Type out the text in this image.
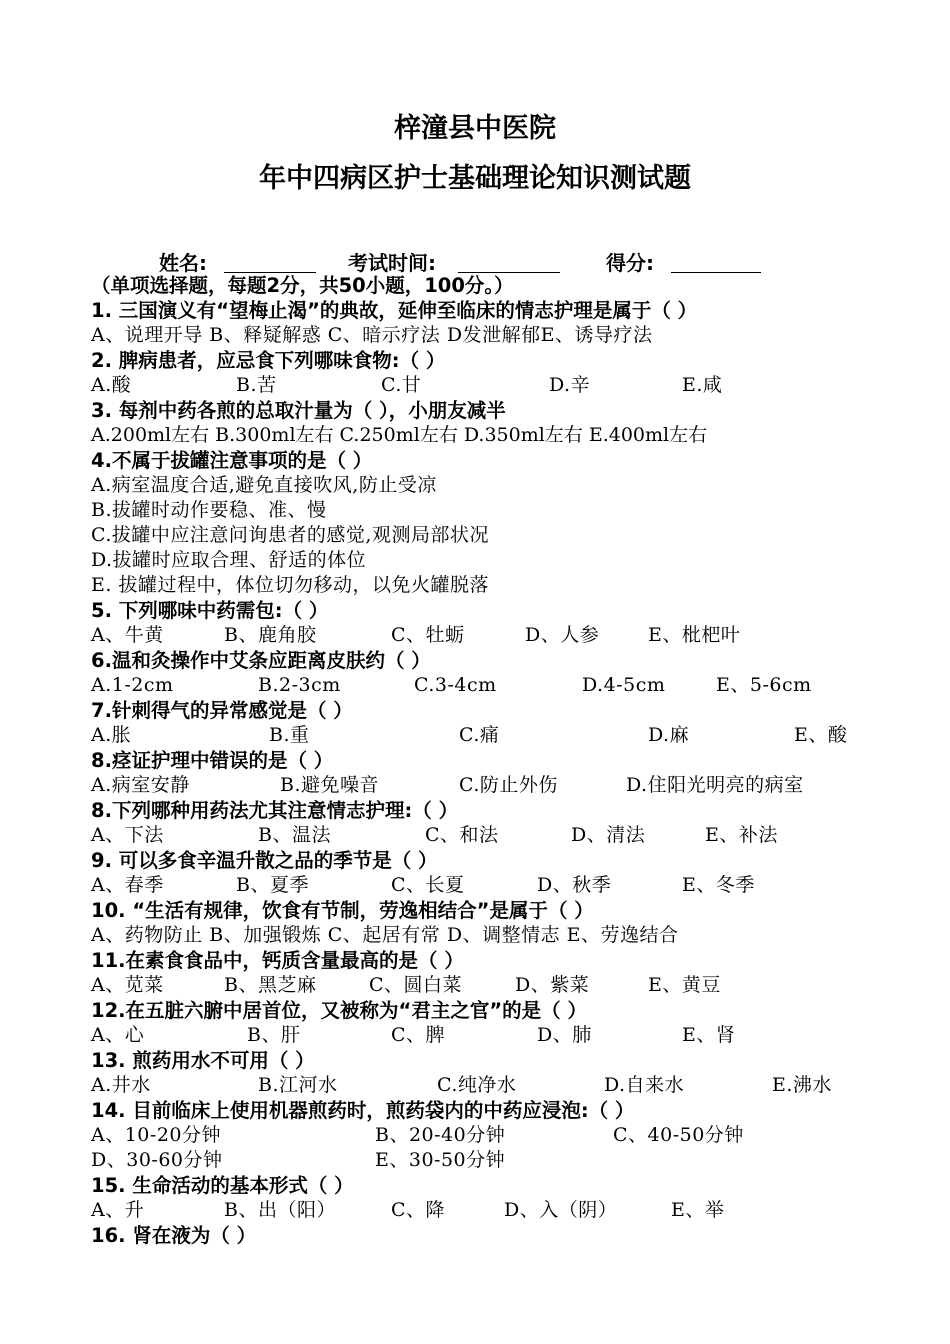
梓潼县中医院
年中四病区护士基础理论知识测试题
姓名:	考试时间:	得分:
（单项选择题，每题2分，共50小题，100分。）
1. 三国演义有“望梅止渴”的典故，延伸至临床的情志护理是属于（ ）
A、说理开导 B、释疑解惑 C、暗示疗法 D发泄解郁E、诱导疗法
2. 脾病患者，应忌食下列哪味食物:（ ）
A.酸	B.苦	C.甘	D.辛	E.咸
3. 每剂中药各煎的总取汁量为（ ），小朋友减半
A.200ml左右 B.300ml左右 C.250ml左右 D.350ml左右 E.400ml左右
4.不属于拔罐注意事项的是（ ）
A.病室温度合适,避免直接吹风,防止受凉
B.拔罐时动作要稳、准、慢
C.拔罐中应注意问询患者的感觉,观测局部状况
D.拔罐时应取合理、舒适的体位
E. 拔罐过程中，体位切勿移动，以免火罐脱落
5. 下列哪味中药需包:（ ）
A、牛黄	B、鹿角胶	C、牡蛎	D、人参	E、枇杷叶
6.温和灸操作中艾条应距离皮肤约（ ）
A.1-2cm	B.2-3cm	C.3-4cm	D.4-5cm	E、5-6cm
7.针刺得气的异常感觉是（ ）
A.胀	B.重	C.痛	D.麻	E、酸
8.痉证护理中错误的是（ ）
A.病室安静	B.避免噪音	C.防止外伤	D.住阳光明亮的病室
8.下列哪种用药法尤其注意情志护理:（ ）
A、下法	B、温法	C、和法	D、清法	E、补法
9. 可以多食辛温升散之品的季节是（ ）
A、春季	B、夏季	C、长夏	D、秋季	E、冬季
10. “生活有规律，饮食有节制，劳逸相结合”是属于（ ）
A、药物防止 B、加强锻炼 C、起居有常 D、调整情志 E、劳逸结合
11.在素食食品中，钙质含量最高的是（ ）
A、苋菜	B、黑芝麻	C、圆白菜	D、紫菜	E、黄豆
12.在五脏六腑中居首位，又被称为“君主之官”的是（ ）
A、心	B、肝	C、脾	D、肺	E、肾
13. 煎药用水不可用（ ）
A.井水	B.江河水	C.纯净水	D.自来水	E.沸水
14. 目前临床上使用机器煎药时，煎药袋内的中药应浸泡:（ ）
A、10-20分钟	B、20-40分钟	C、40-50分钟
D、30-60分钟	E、30-50分钟
15. 生命活动的基本形式（ ）
A、升	B、出（阳）	C、降	D、入（阴）	E、举
16. 肾在液为（ ）
